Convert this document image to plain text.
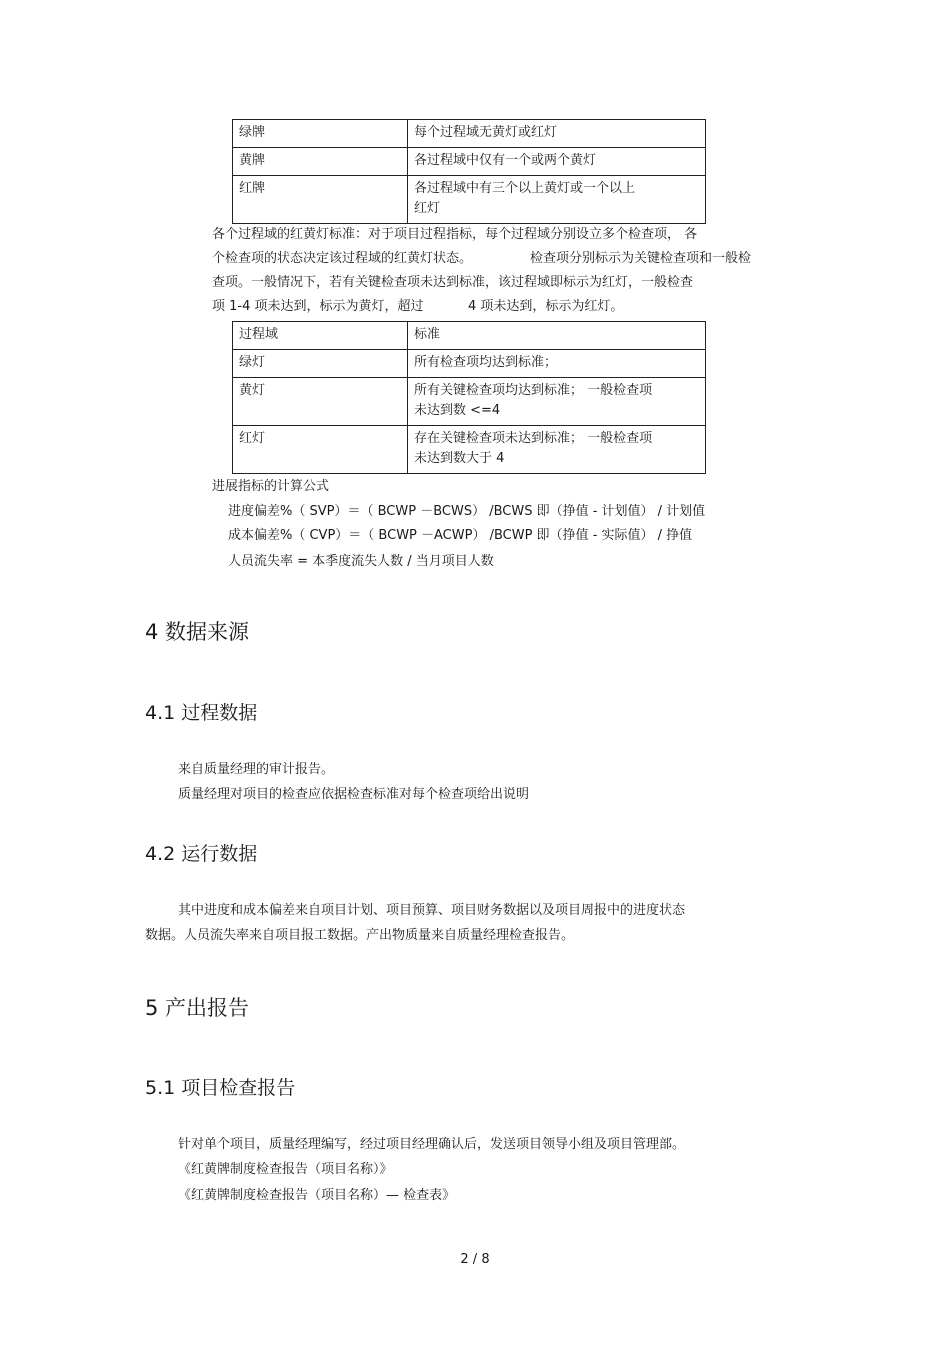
绿牌	每个过程域无黄灯或红灯
黄牌	各过程域中仅有一个或两个黄灯
红牌	各过程域中有三个以上黄灯或一个以上
红灯
各个过程域的红黄灯标准：对于项目过程指标，每个过程域分别设立多个检查项， 各
个检查项的状态决定该过程域的红黄灯状态。	检查项分别标示为关键检查项和一般检
查项。一般情况下，若有关键检查项未达到标准，该过程域即标示为红灯，一般检查
项 1-4 项未达到，标示为黄灯，超过	4 项未达到，标示为红灯。
过程域	标准
绿灯	所有检查项均达到标准；
黄灯	所有关键检查项均达到标准； 一般检查项
未达到数 <=4

红灯	存在关键检查项未达到标准； 一般检查项
未达到数大于 4
进展指标的计算公式
进度偏差%（ SVP）＝（ BCWP －BCWS） /BCWS 即（挣值 - 计划值） / 计划值
成本偏差%（ CVP）＝（ BCWP －ACWP） /BCWP 即（挣值 - 实际值） / 挣值
人员流失率 = 本季度流失人数 / 当月项目人数
4 数据来源
4.1 过程数据
来自质量经理的审计报告。
质量经理对项目的检查应依据检查标准对每个检查项给出说明
4.2 运行数据
其中进度和成本偏差来自项目计划、项目预算、项目财务数据以及项目周报中的进度状态
数据。人员流失率来自项目报工数据。产出物质量来自质量经理检查报告。
5 产出报告
5.1 项目检查报告
针对单个项目，质量经理编写，经过项目经理确认后，发送项目领导小组及项目管理部。
《红黄牌制度检查报告（项目名称）》
《红黄牌制度检查报告（项目名称）— 检查表》
2 / 8
